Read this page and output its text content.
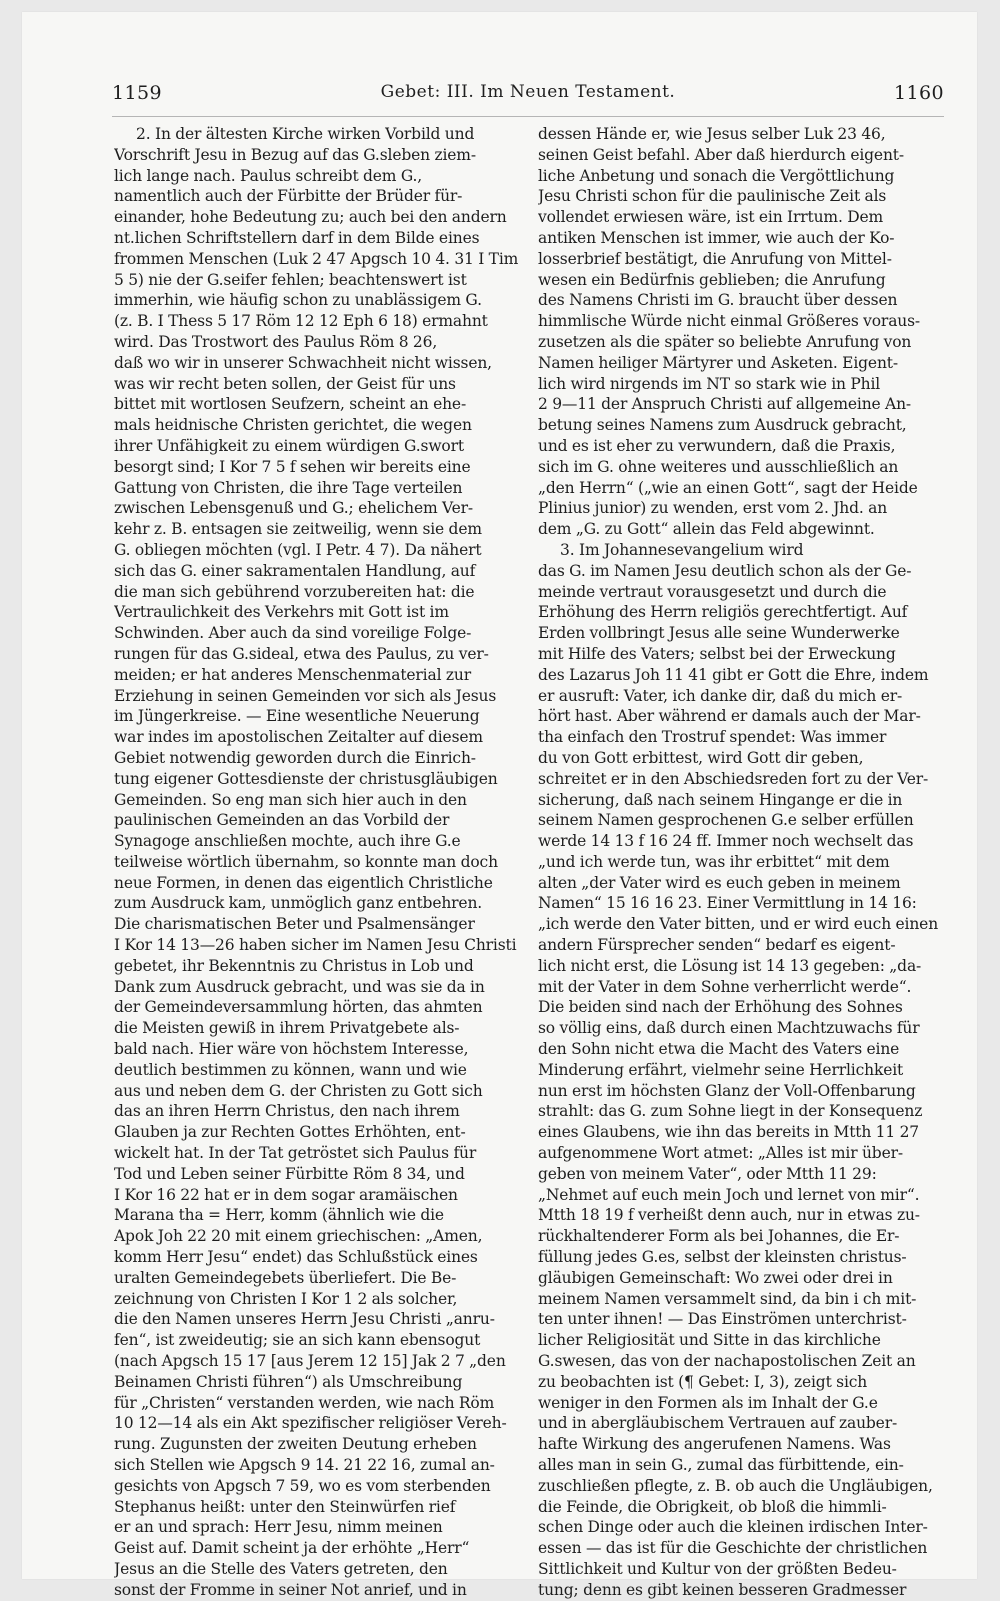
1159	Gebet: III. Im Neuen Testament.	1160
2. In der ältesten Kirche wirken Vorbild und
Vorschrift Jesu in Bezug auf das G.sleben ziem-
lich lange nach. Paulus schreibt dem G.,
namentlich auch der Fürbitte der Brüder für-
einander, hohe Bedeutung zu; auch bei den andern
nt.lichen Schriftstellern darf in dem Bilde eines
frommen Menschen (Luk 2 47 Apgsch 10 4. 31 I Tim
5 5) nie der G.seifer fehlen; beachtenswert ist
immerhin, wie häufig schon zu unablässigem G.
(z. B. I Thess 5 17 Röm 12 12 Eph 6 18) ermahnt
wird. Das Trostwort des Paulus Röm 8 26,
daß wo wir in unserer Schwachheit nicht wissen,
was wir recht beten sollen, der Geist für uns
bittet mit wortlosen Seufzern, scheint an ehe-
mals heidnische Christen gerichtet, die wegen
ihrer Unfähigkeit zu einem würdigen G.swort
besorgt sind; I Kor 7 5 f sehen wir bereits eine
Gattung von Christen, die ihre Tage verteilen
zwischen Lebensgenuß und G.; ehelichem Ver-
kehr z. B. entsagen sie zeitweilig, wenn sie dem
G. obliegen möchten (vgl. I Petr. 4 7). Da nähert
sich das G. einer sakramentalen Handlung, auf
die man sich gebührend vorzubereiten hat: die
Vertraulichkeit des Verkehrs mit Gott ist im
Schwinden. Aber auch da sind voreilige Folge-
rungen für das G.sideal, etwa des Paulus, zu ver-
meiden; er hat anderes Menschenmaterial zur
Erziehung in seinen Gemeinden vor sich als Jesus
im Jüngerkreise. — Eine wesentliche Neuerung
war indes im apostolischen Zeitalter auf diesem
Gebiet notwendig geworden durch die Einrich-
tung eigener Gottesdienste der christusgläubigen
Gemeinden. So eng man sich hier auch in den
paulinischen Gemeinden an das Vorbild der
Synagoge anschließen mochte, auch ihre G.e
teilweise wörtlich übernahm, so konnte man doch
neue Formen, in denen das eigentlich Christliche
zum Ausdruck kam, unmöglich ganz entbehren.
Die charismatischen Beter und Psalmensänger
I Kor 14 13—26 haben sicher im Namen Jesu Christi
gebetet, ihr Bekenntnis zu Christus in Lob und
Dank zum Ausdruck gebracht, und was sie da in
der Gemeindeversammlung hörten, das ahmten
die Meisten gewiß in ihrem Privatgebete als-
bald nach. Hier wäre von höchstem Interesse,
deutlich bestimmen zu können, wann und wie
aus und neben dem G. der Christen zu Gott sich
das an ihren Herrn Christus, den nach ihrem
Glauben ja zur Rechten Gottes Erhöhten, ent-
wickelt hat. In der Tat getröstet sich Paulus für
Tod und Leben seiner Fürbitte Röm 8 34, und
I Kor 16 22 hat er in dem sogar aramäischen
Marana tha = Herr, komm (ähnlich wie die
Apok Joh 22 20 mit einem griechischen: „Amen,
komm Herr Jesu“ endet) das Schlußstück eines
uralten Gemeindegebets überliefert. Die Be-
zeichnung von Christen I Kor 1 2 als solcher,
die den Namen unseres Herrn Jesu Christi „anru-
fen“, ist zweideutig; sie an sich kann ebensogut
(nach Apgsch 15 17 [aus Jerem 12 15] Jak 2 7 „den
Beinamen Christi führen“) als Umschreibung
für „Christen“ verstanden werden, wie nach Röm
10 12—14 als ein Akt spezifischer religiöser Vereh-
rung. Zugunsten der zweiten Deutung erheben
sich Stellen wie Apgsch 9 14. 21 22 16, zumal an-
gesichts von Apgsch 7 59, wo es vom sterbenden
Stephanus heißt: unter den Steinwürfen rief
er an und sprach: Herr Jesu, nimm meinen
Geist auf. Damit scheint ja der erhöhte „Herr“
Jesus an die Stelle des Vaters getreten, den
sonst der Fromme in seiner Not anrief, und in
dessen Hände er, wie Jesus selber Luk 23 46,
seinen Geist befahl. Aber daß hierdurch eigent-
liche Anbetung und sonach die Vergöttlichung
Jesu Christi schon für die paulinische Zeit als
vollendet erwiesen wäre, ist ein Irrtum. Dem
antiken Menschen ist immer, wie auch der Ko-
losserbrief bestätigt, die Anrufung von Mittel-
wesen ein Bedürfnis geblieben; die Anrufung
des Namens Christi im G. braucht über dessen
himmlische Würde nicht einmal Größeres voraus-
zusetzen als die später so beliebte Anrufung von
Namen heiliger Märtyrer und Asketen. Eigent-
lich wird nirgends im NT so stark wie in Phil
2 9—11 der Anspruch Christi auf allgemeine An-
betung seines Namens zum Ausdruck gebracht,
und es ist eher zu verwundern, daß die Praxis,
sich im G. ohne weiteres und ausschließlich an
„den Herrn“ („wie an einen Gott“, sagt der Heide
Plinius junior) zu wenden, erst vom 2. Jhd. an
dem „G. zu Gott“ allein das Feld abgewinnt.
3. Im Johannesevangelium wird
das G. im Namen Jesu deutlich schon als der Ge-
meinde vertraut vorausgesetzt und durch die
Erhöhung des Herrn religiös gerechtfertigt. Auf
Erden vollbringt Jesus alle seine Wunderwerke
mit Hilfe des Vaters; selbst bei der Erweckung
des Lazarus Joh 11 41 gibt er Gott die Ehre, indem
er ausruft: Vater, ich danke dir, daß du mich er-
hört hast. Aber während er damals auch der Mar-
tha einfach den Trostruf spendet: Was immer
du von Gott erbittest, wird Gott dir geben,
schreitet er in den Abschiedsreden fort zu der Ver-
sicherung, daß nach seinem Hingange er die in
seinem Namen gesprochenen G.e selber erfüllen
werde 14 13 f 16 24 ff. Immer noch wechselt das
„und ich werde tun, was ihr erbittet“ mit dem
alten „der Vater wird es euch geben in meinem
Namen“ 15 16 16 23. Einer Vermittlung in 14 16:
„ich werde den Vater bitten, und er wird euch einen
andern Fürsprecher senden“ bedarf es eigent-
lich nicht erst, die Lösung ist 14 13 gegeben: „da-
mit der Vater in dem Sohne verherrlicht werde“.
Die beiden sind nach der Erhöhung des Sohnes
so völlig eins, daß durch einen Machtzuwachs für
den Sohn nicht etwa die Macht des Vaters eine
Minderung erfährt, vielmehr seine Herrlichkeit
nun erst im höchsten Glanz der Voll-Offenbarung
strahlt: das G. zum Sohne liegt in der Konsequenz
eines Glaubens, wie ihn das bereits in Mtth 11 27
aufgenommene Wort atmet: „Alles ist mir über-
geben von meinem Vater“, oder Mtth 11 29:
„Nehmet auf euch mein Joch und lernet von mir“.
Mtth 18 19 f verheißt denn auch, nur in etwas zu-
rückhaltenderer Form als bei Johannes, die Er-
füllung jedes G.es, selbst der kleinsten christus-
gläubigen Gemeinschaft: Wo zwei oder drei in
meinem Namen versammelt sind, da bin i ch mit-
ten unter ihnen! — Das Einströmen unterchrist-
licher Religiosität und Sitte in das kirchliche
G.swesen, das von der nachapostolischen Zeit an
zu beobachten ist (¶ Gebet: I, 3), zeigt sich
weniger in den Formen als im Inhalt der G.e
und in abergläubischem Vertrauen auf zauber-
hafte Wirkung des angerufenen Namens. Was
alles man in sein G., zumal das fürbittende, ein-
zuschließen pflegte, z. B. ob auch die Ungläubigen,
die Feinde, die Obrigkeit, ob bloß die himmli-
schen Dinge oder auch die kleinen irdischen Inter-
essen — das ist für die Geschichte der christlichen
Sittlichkeit und Kultur von der größten Bedeu-
tung; denn es gibt keinen besseren Gradmesser
